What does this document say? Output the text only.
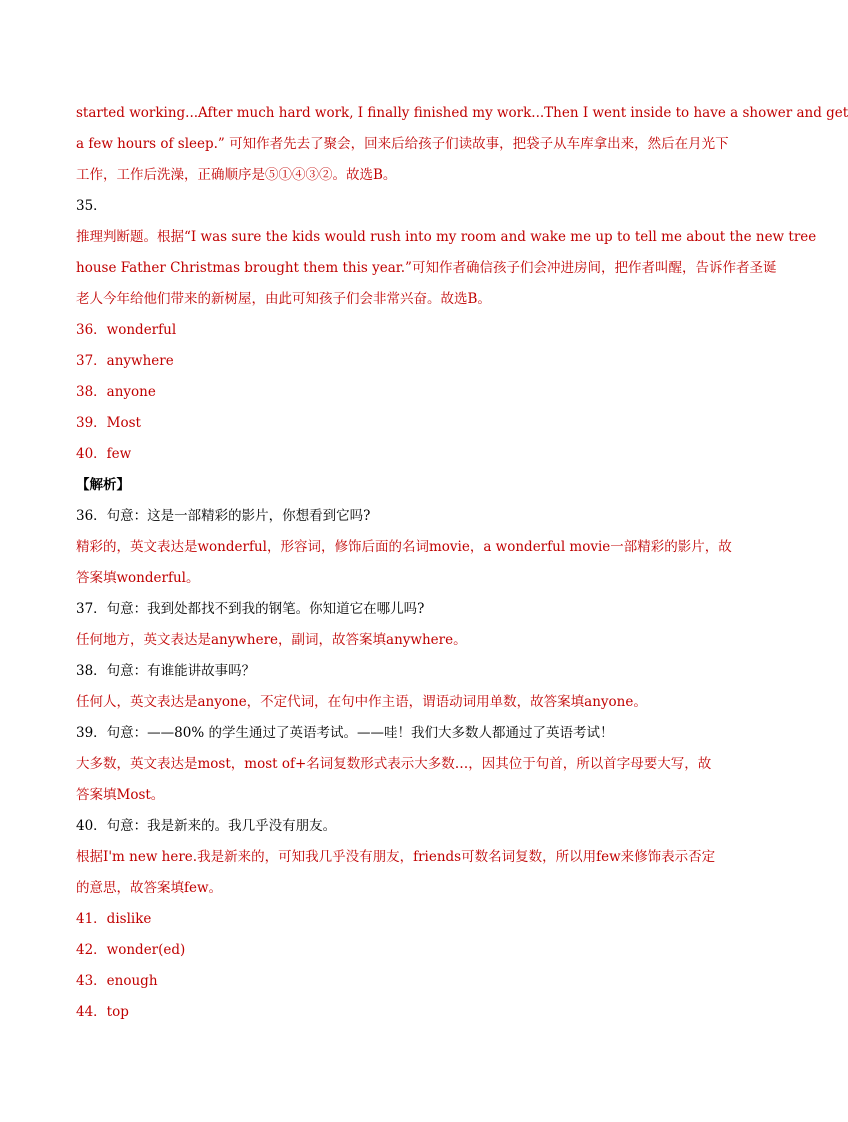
started working...After much hard work, I finally finished my work...Then I went inside to have a shower and get
a few hours of sleep.” 可知作者先去了聚会，回来后给孩子们读故事，把袋子从车库拿出来，然后在月光下
工作，工作后洗澡，正确顺序是⑤①④③②。故选B。
35．
推理判断题。根据“I was sure the kids would rush into my room and wake me up to tell me about the new tree
house Father Christmas brought them this year.”可知作者确信孩子们会冲进房间，把作者叫醒，告诉作者圣诞
老人今年给他们带来的新树屋，由此可知孩子们会非常兴奋。故选B。
36．wonderful
37．anywhere
38．anyone
39．Most
40．few
【解析】
36．句意：这是一部精彩的影片，你想看到它吗?
精彩的，英文表达是wonderful，形容词，修饰后面的名词movie，a wonderful movie一部精彩的影片，故
答案填wonderful。
37．句意：我到处都找不到我的钢笔。你知道它在哪儿吗?
任何地方，英文表达是anywhere，副词，故答案填anywhere。
38．句意：有谁能讲故事吗？
任何人，英文表达是anyone，不定代词，在句中作主语，谓语动词用单数，故答案填anyone。
39．句意：——80% 的学生通过了英语考试。——哇！我们大多数人都通过了英语考试！
大多数，英文表达是most，most of+名词复数形式表示大多数…，因其位于句首，所以首字母要大写，故
答案填Most。
40．句意：我是新来的。我几乎没有朋友。
根据I'm new here.我是新来的，可知我几乎没有朋友，friends可数名词复数，所以用few来修饰表示否定
的意思，故答案填few。
41．dislike
42．wonder(ed)
43．enough
44．top
